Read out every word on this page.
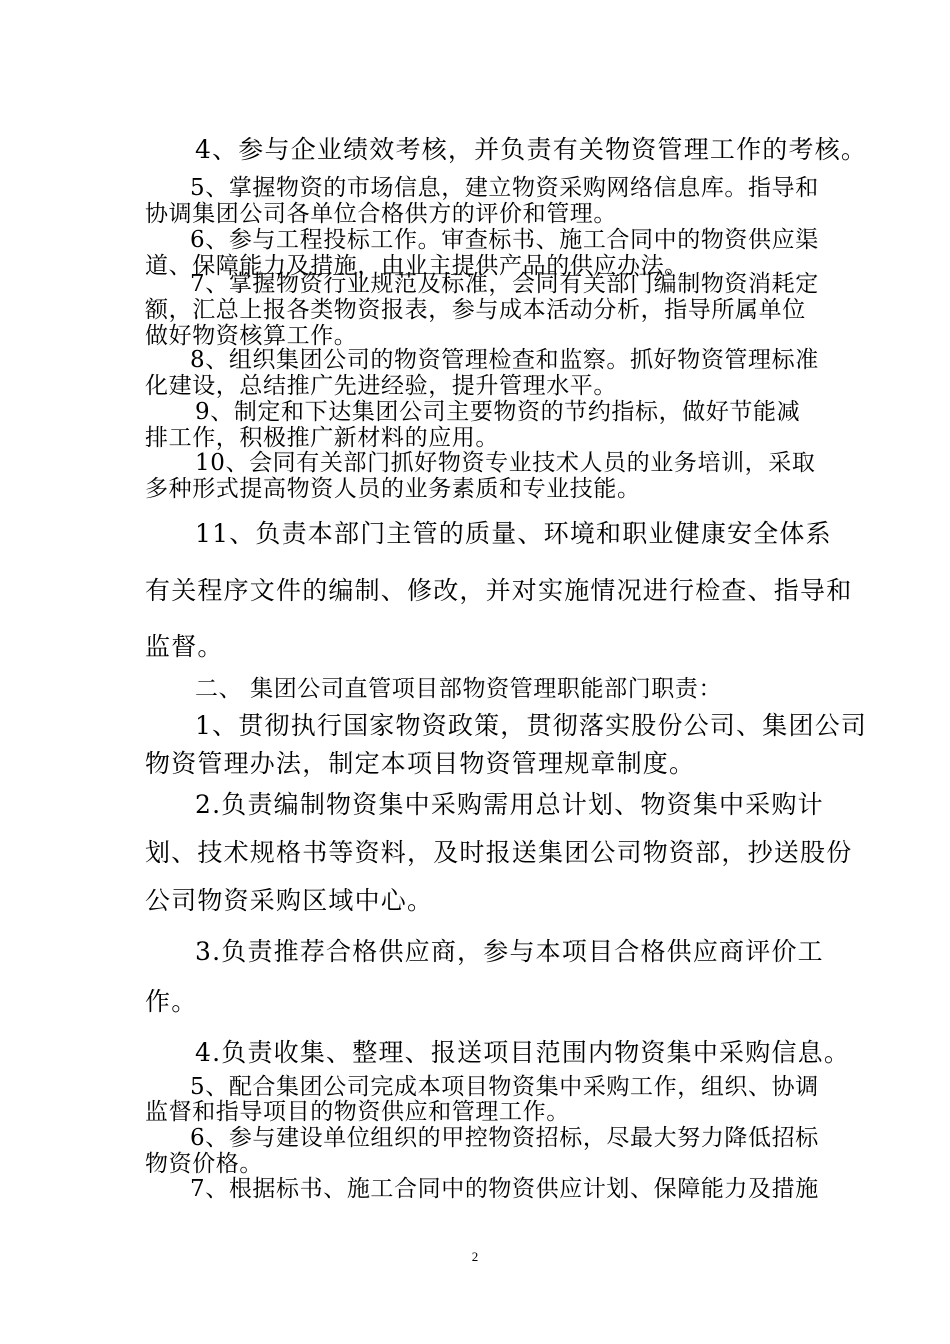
4、参与企业绩效考核，并负责有关物资管理工作的考核。
5、掌握物资的市场信息，建立物资采购网络信息库。指导和
协调集团公司各单位合格供方的评价和管理。
6、参与工程投标工作。审查标书、施工合同中的物资供应渠
道、保障能力及措施，由业主提供产品的供应办法。
7、掌握物资行业规范及标准，会同有关部门编制物资消耗定
额，汇总上报各类物资报表，参与成本活动分析，指导所属单位
做好物资核算工作。
8、组织集团公司的物资管理检查和监察。抓好物资管理标准
化建设，总结推广先进经验，提升管理水平。
9、制定和下达集团公司主要物资的节约指标，做好节能减
排工作，积极推广新材料的应用。
10、会同有关部门抓好物资专业技术人员的业务培训，采取
多种形式提高物资人员的业务素质和专业技能。
11、负责本部门主管的质量、环境和职业健康安全体系
有关程序文件的编制、修改，并对实施情况进行检查、指导和
监督。
二、 集团公司直管项目部物资管理职能部门职责：
1、贯彻执行国家物资政策，贯彻落实股份公司、集团公司
物资管理办法，制定本项目物资管理规章制度。
2.负责编制物资集中采购需用总计划、物资集中采购计
划、技术规格书等资料，及时报送集团公司物资部，抄送股份
公司物资采购区域中心。
3.负责推荐合格供应商，参与本项目合格供应商评价工
作。
4.负责收集、整理、报送项目范围内物资集中采购信息。
5、配合集团公司完成本项目物资集中采购工作，组织、协调
监督和指导项目的物资供应和管理工作。
6、参与建设单位组织的甲控物资招标，尽最大努力降低招标
物资价格。
7、根据标书、施工合同中的物资供应计划、保障能力及措施
2
